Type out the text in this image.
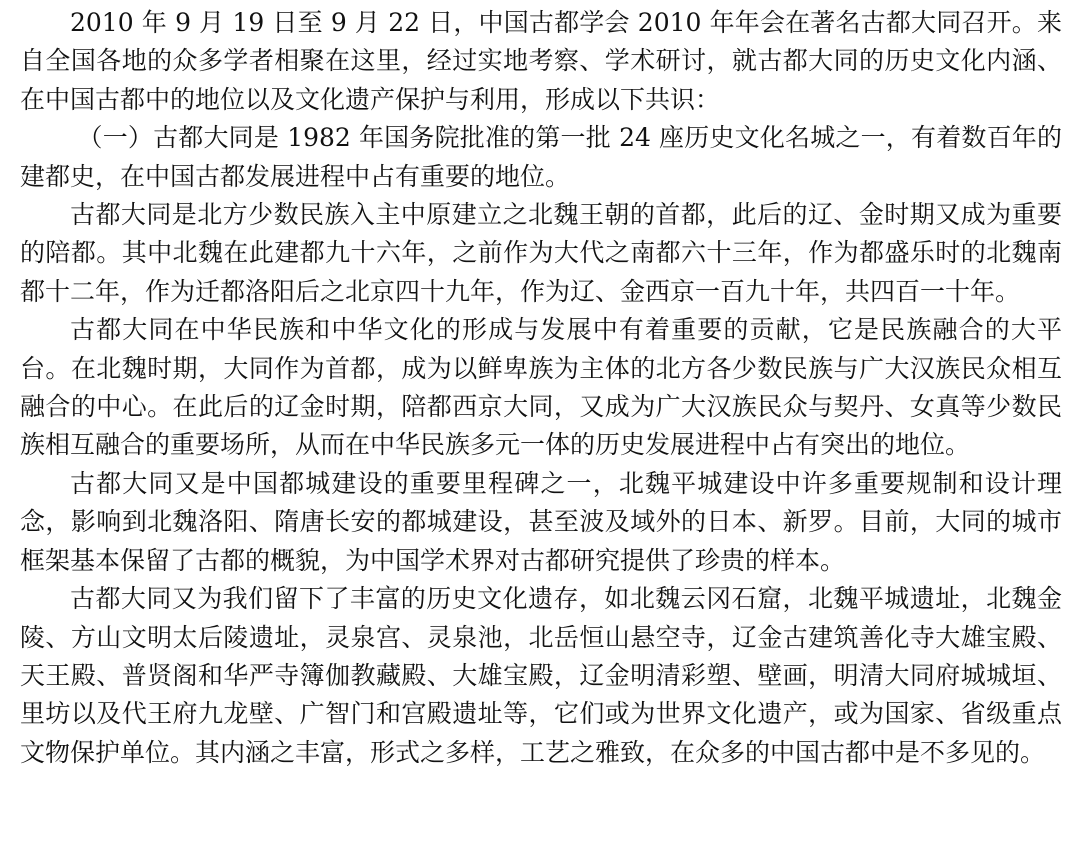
2010 年 9 月 19 日至 9 月 22 日，中国古都学会 2010 年年会在著名古都大同召开。来自全国各地的众多学者相聚在这里，经过实地考察、学术研讨，就古都大同的历史文化内涵、在中国古都中的地位以及文化遗产保护与利用，形成以下共识：

（一）古都大同是 1982 年国务院批准的第一批 24 座历史文化名城之一，有着数百年的建都史，在中国古都发展进程中占有重要的地位。

古都大同是北方少数民族入主中原建立之北魏王朝的首都，此后的辽、金时期又成为重要的陪都。其中北魏在此建都九十六年，之前作为大代之南都六十三年，作为都盛乐时的北魏南都十二年，作为迁都洛阳后之北京四十九年，作为辽、金西京一百九十年，共四百一十年。

古都大同在中华民族和中华文化的形成与发展中有着重要的贡献，它是民族融合的大平台。在北魏时期，大同作为首都，成为以鲜卑族为主体的北方各少数民族与广大汉族民众相互融合的中心。在此后的辽金时期，陪都西京大同，又成为广大汉族民众与契丹、女真等少数民族相互融合的重要场所，从而在中华民族多元一体的历史发展进程中占有突出的地位。

古都大同又是中国都城建设的重要里程碑之一，北魏平城建设中许多重要规制和设计理念，影响到北魏洛阳、隋唐长安的都城建设，甚至波及域外的日本、新罗。目前，大同的城市框架基本保留了古都的概貌，为中国学术界对古都研究提供了珍贵的样本。

古都大同又为我们留下了丰富的历史文化遗存，如北魏云冈石窟，北魏平城遗址，北魏金陵、方山文明太后陵遗址，灵泉宫、灵泉池，北岳恒山悬空寺，辽金古建筑善化寺大雄宝殿、天王殿、普贤阁和华严寺簿伽教藏殿、大雄宝殿，辽金明清彩塑、壁画，明清大同府城城垣、里坊以及代王府九龙壁、广智门和宫殿遗址等，它们或为世界文化遗产，或为国家、省级重点文物保护单位。其内涵之丰富，形式之多样，工艺之雅致，在众多的中国古都中是不多见的。
